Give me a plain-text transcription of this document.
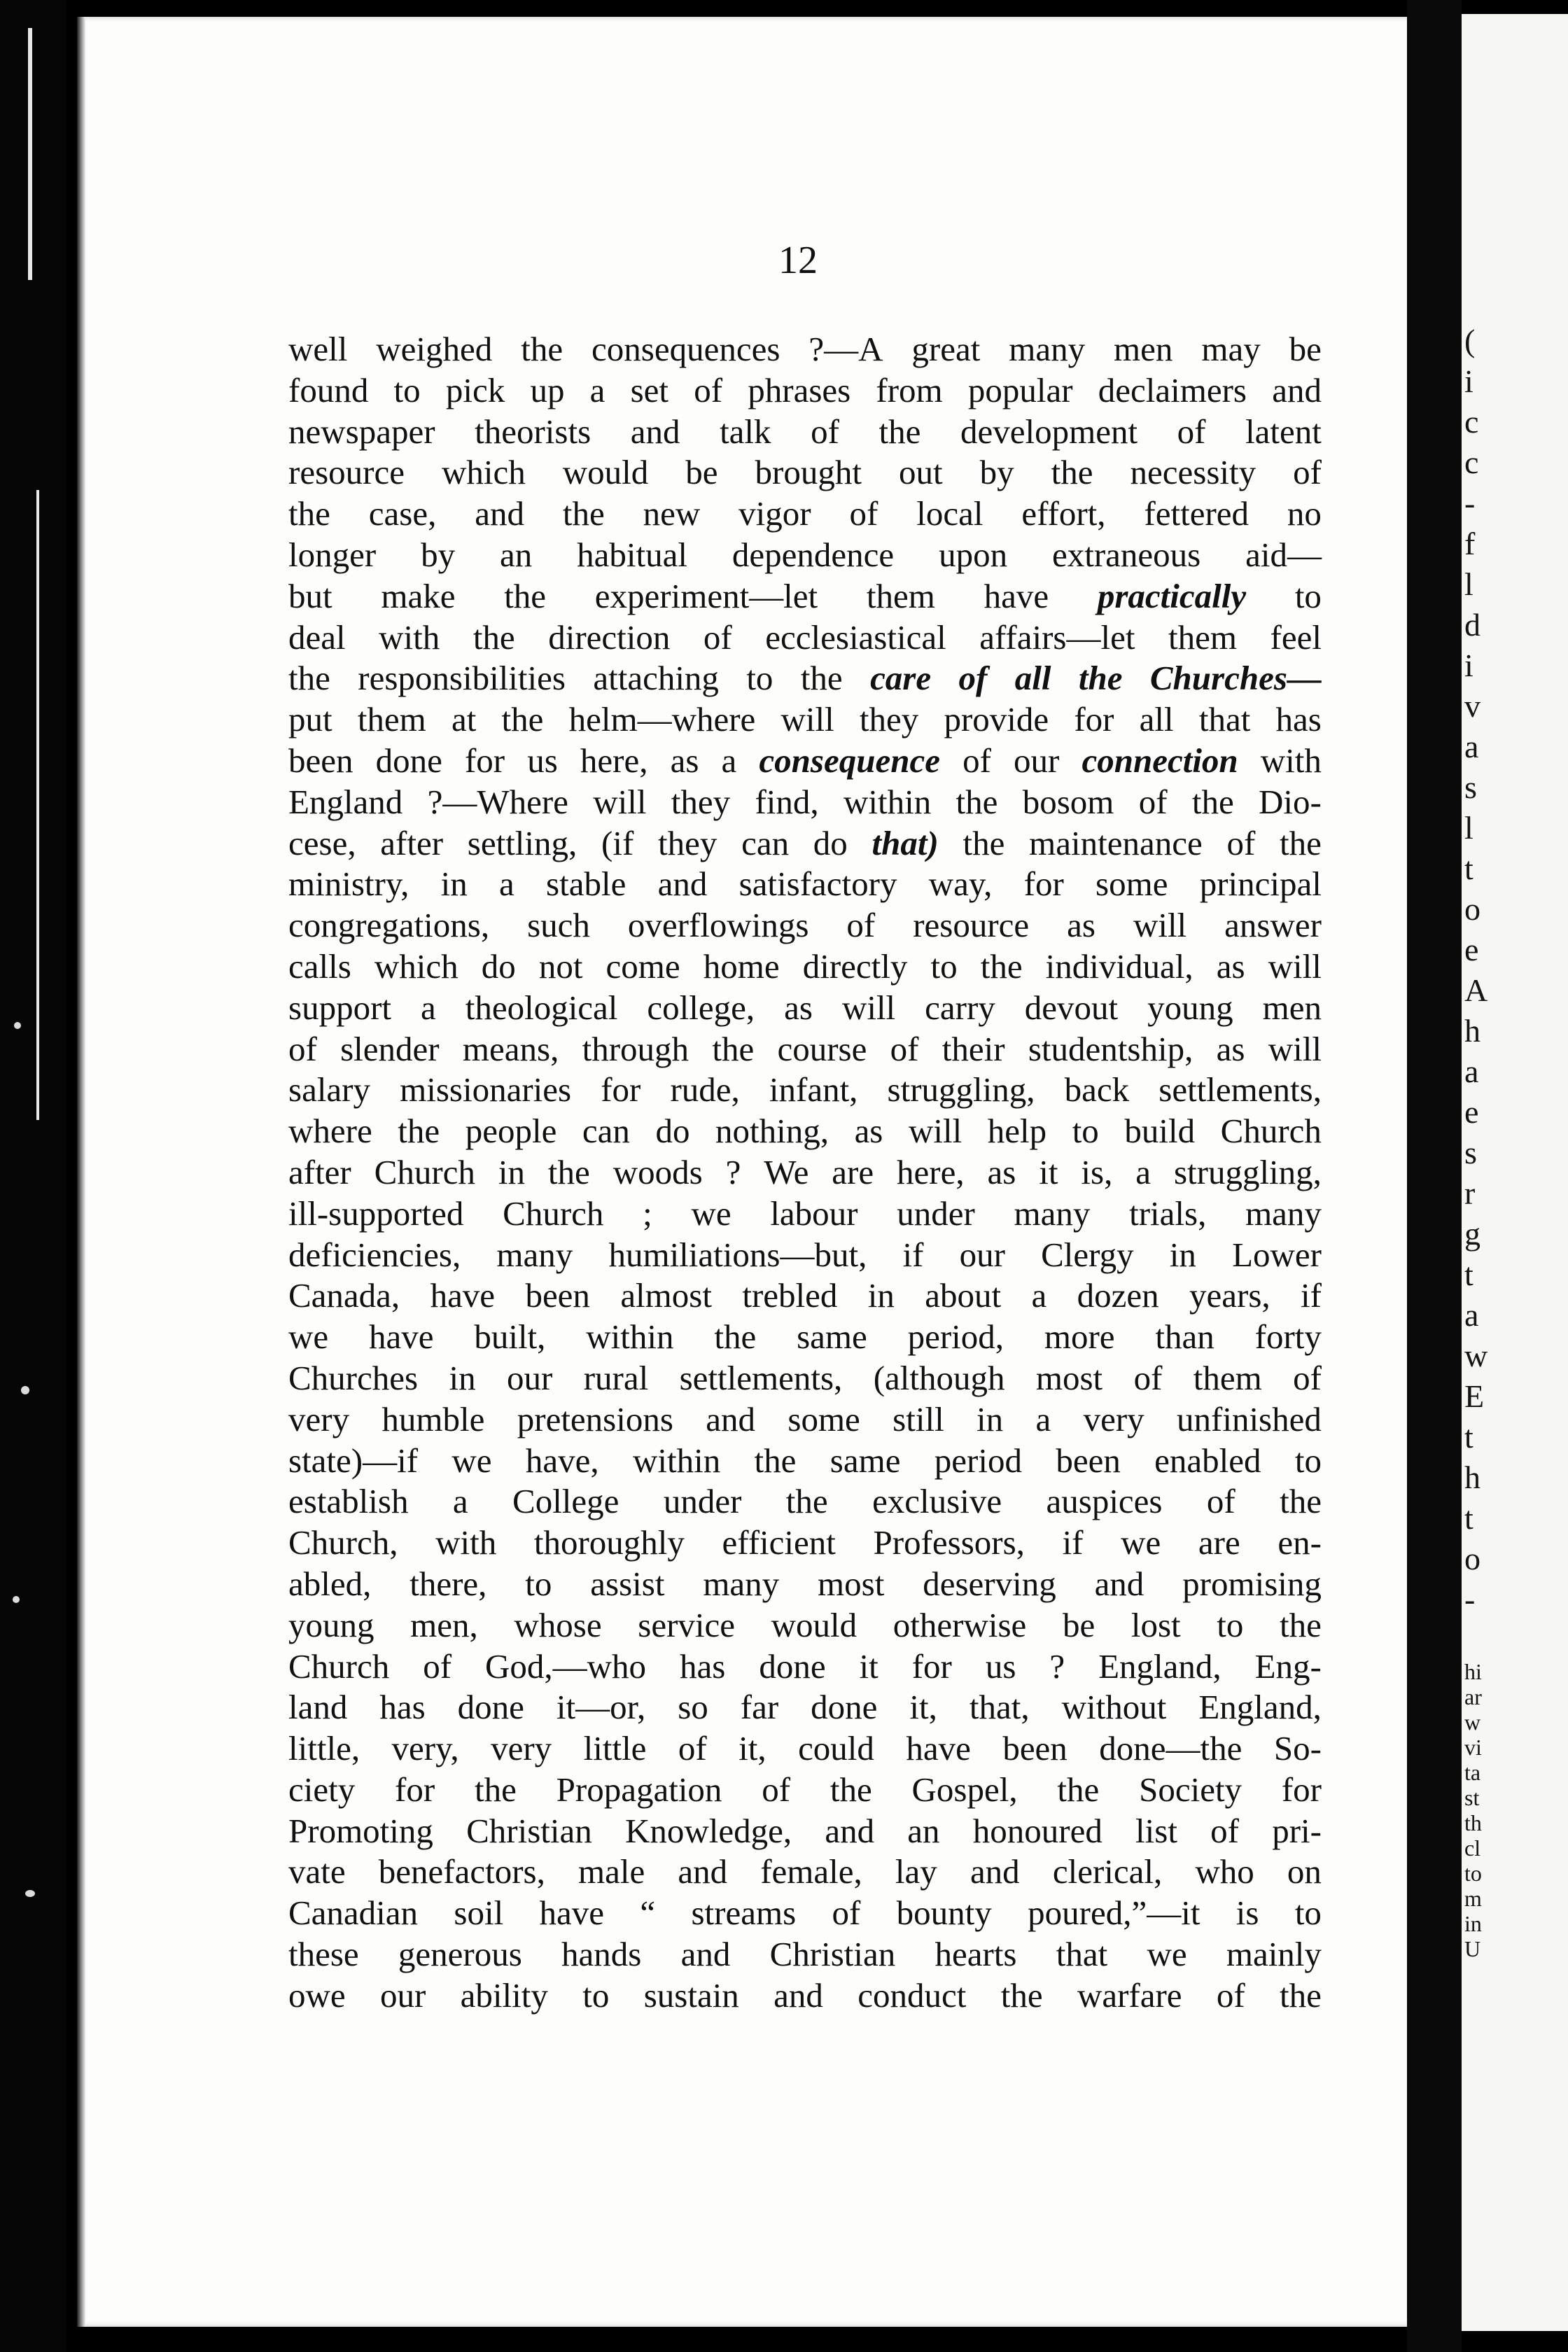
12
well weighed the consequences ?—A great many men may be
found to pick up a set of phrases from popular declaimers and
newspaper theorists and talk of the development of latent
resource which would be brought out by the necessity of
the case, and the new vigor of local effort, fettered no
longer by an habitual dependence upon extraneous aid—
but make the experiment—let them have practically to
deal with the direction of ecclesiastical affairs—let them feel
the responsibilities attaching to the care of all the Churches—
put them at the helm—where will they provide for all that has
been done for us here, as a consequence of our connection with
England ?—Where will they find, within the bosom of the Dio-
cese, after settling, (if they can do that) the maintenance of the
ministry, in a stable and satisfactory way, for some principal
congregations, such overflowings of resource as will answer
calls which do not come home directly to the individual, as will
support a theological college, as will carry devout young men
of slender means, through the course of their studentship, as will
salary missionaries for rude, infant, struggling, back settlements,
where the people can do nothing, as will help to build Church
after Church in the woods ? We are here, as it is, a struggling,
ill-supported Church ; we labour under many trials, many
deficiencies, many humiliations—but, if our Clergy in Lower
Canada, have been almost trebled in about a dozen years, if
we have built, within the same period, more than forty
Churches in our rural settlements, (although most of them of
very humble pretensions and some still in a very unfinished
state)—if we have, within the same period been enabled to
establish a College under the exclusive auspices of the
Church, with thoroughly efficient Professors, if we are en-
abled, there, to assist many most deserving and promising
young men, whose service would otherwise be lost to the
Church of God,—who has done it for us ? England, Eng-
land has done it—or, so far done it, that, without England,
little, very, very little of it, could have been done—the So-
ciety for the Propagation of the Gospel, the Society for
Promoting Christian Knowledge, and an honoured list of pri-
vate benefactors, male and female, lay and clerical, who on
Canadian soil have “ streams of bounty poured,”—it is to
these generous hands and Christian hearts that we mainly
owe our ability to sustain and conduct the warfare of the
(
i
c
c
-
f
l
d
i
v
a
s
l
t
o
e
A
h
a
e
s
r
g
t
a
w
E
t
h
t
o
-
hi
ar
w
vi
ta
st
th
cl
to
m
in
U
